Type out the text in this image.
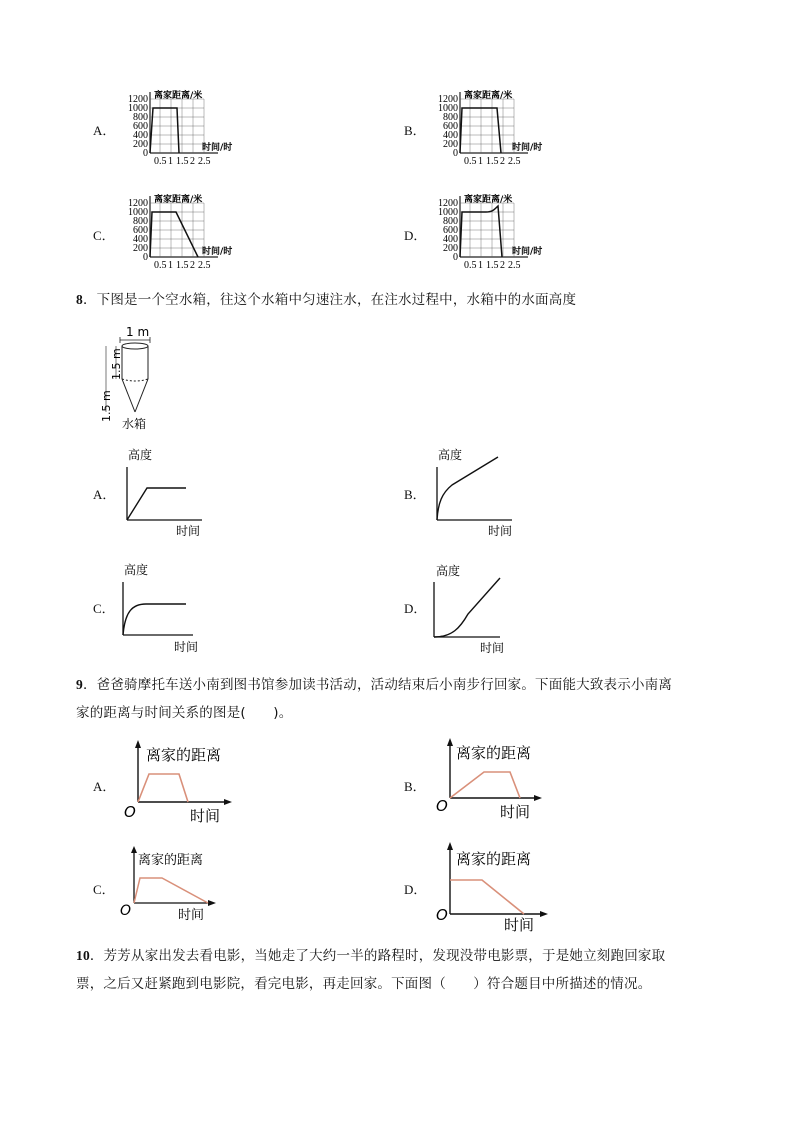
A．
离家距离/米
1200
1000
800
600
400
200
0	时间/时
0.5 1 1.5 2 2.5
B．
离家距离/米
1200
1000
800
600
400
200
0	时间/时
0.5 1 1.5 2 2.5
C．
离家距离/米
1200
1000
800
600
400
200
0	时间/时
0.5 1 1.5 2 2.5
D．
离家距离/米
1200
1000
800
600
400
200
0	时间/时
0.5 1 1.5 2 2.5
8．下图是一个空水箱，往这个水箱中匀速注水，在注水过程中，水箱中的水面高度
1 m
1.5 m
1.5 m
水箱
A．
高度
时间
B．
高度
时间
C．
高度
时间
D．
高度
时间
9．爸爸骑摩托车送小南到图书馆参加读书活动，活动结束后小南步行回家。下面能大致表示小南离
家的距离与时间关系的图是(　　)。
A．
离家的距离
O	时间
B．
离家的距离
O	时间
C．
离家的距离
O	时间
D．
离家的距离
O
时间
10．芳芳从家出发去看电影，当她走了大约一半的路程时，发现没带电影票，于是她立刻跑回家取
票，之后又赶紧跑到电影院，看完电影，再走回家。下面图（　　）符合题目中所描述的情况。
